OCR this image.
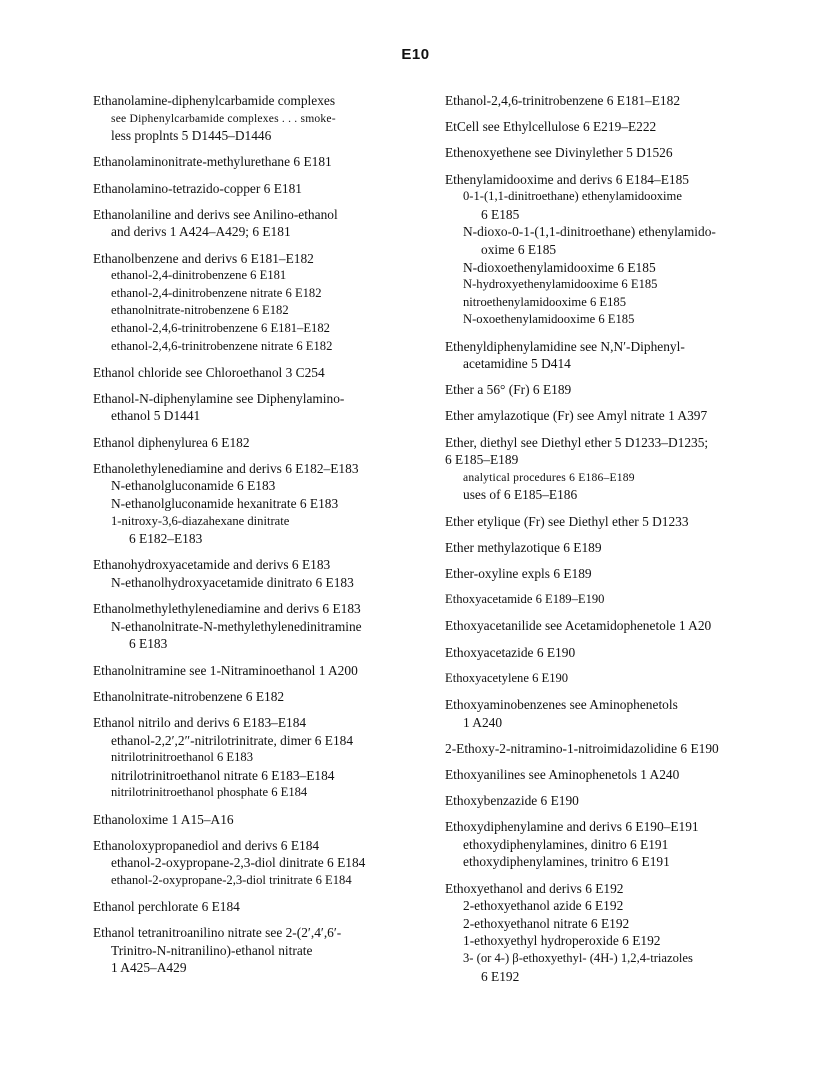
E10
Ethanolamine-diphenylcarbamide complexes
see Diphenylcarbamide complexes . . . smoke-
less proplnts 5 D1445–D1446
Ethanolaminonitrate-methylurethane 6 E181
Ethanolamino-tetrazido-copper 6 E181
Ethanolaniline and derivs see Anilino-ethanol
and derivs 1 A424–A429; 6 E181
Ethanolbenzene and derivs 6 E181–E182
ethanol-2,4-dinitrobenzene 6 E181
ethanol-2,4-dinitrobenzene nitrate 6 E182
ethanolnitrate-nitrobenzene 6 E182
ethanol-2,4,6-trinitrobenzene 6 E181–E182
ethanol-2,4,6-trinitrobenzene nitrate 6 E182
Ethanol chloride see Chloroethanol 3 C254
Ethanol-N-diphenylamine see Diphenylamino-
ethanol 5 D1441
Ethanol diphenylurea 6 E182
Ethanolethylenediamine and derivs 6 E182–E183
N-ethanolgluconamide 6 E183
N-ethanolgluconamide hexanitrate 6 E183
1-nitroxy-3,6-diazahexane dinitrate
6 E182–E183
Ethanohydroxyacetamide and derivs 6 E183
N-ethanolhydroxyacetamide dinitrato 6 E183
Ethanolmethylethylenediamine and derivs 6 E183
N-ethanolnitrate-N-methylethylenedinitramine
6 E183
Ethanolnitramine see 1-Nitraminoethanol 1 A200
Ethanolnitrate-nitrobenzene 6 E182
Ethanol nitrilo and derivs 6 E183–E184
ethanol-2,2′,2″-nitrilotrinitrate, dimer 6 E184
nitrilotrinitroethanol 6 E183
nitrilotrinitroethanol nitrate 6 E183–E184
nitrilotrinitroethanol phosphate 6 E184
Ethanoloxime 1 A15–A16
Ethanoloxypropanediol and derivs 6 E184
ethanol-2-oxypropane-2,3-diol dinitrate 6 E184
ethanol-2-oxypropane-2,3-diol trinitrate 6 E184
Ethanol perchlorate 6 E184
Ethanol tetranitroanilino nitrate see 2-(2′,4′,6′-
Trinitro-N-nitranilino)-ethanol nitrate
1 A425–A429
Ethanol-2,4,6-trinitrobenzene 6 E181–E182
EtCell see Ethylcellulose 6 E219–E222
Ethenoxyethene see Divinylether 5 D1526
Ethenylamidooxime and derivs 6 E184–E185
0-1-(1,1-dinitroethane) ethenylamidooxime
6 E185
N-dioxo-0-1-(1,1-dinitroethane) ethenylamido-
oxime 6 E185
N-dioxoethenylamidooxime 6 E185
N-hydroxyethenylamidooxime 6 E185
nitroethenylamidooxime 6 E185
N-oxoethenylamidooxime 6 E185
Ethenyldiphenylamidine see N,N′-Diphenyl-
acetamidine 5 D414
Ether a 56° (Fr) 6 E189
Ether amylazotique (Fr) see Amyl nitrate 1 A397
Ether, diethyl see Diethyl ether 5 D1233–D1235;
6 E185–E189
analytical procedures 6 E186–E189
uses of 6 E185–E186
Ether etylique (Fr) see Diethyl ether 5 D1233
Ether methylazotique 6 E189
Ether-oxyline expls 6 E189
Ethoxyacetamide 6 E189–E190
Ethoxyacetanilide see Acetamidophenetole 1 A20
Ethoxyacetazide 6 E190
Ethoxyacetylene 6 E190
Ethoxyaminobenzenes see Aminophenetols
1 A240
2-Ethoxy-2-nitramino-1-nitroimidazolidine 6 E190
Ethoxyanilines see Aminophenetols 1 A240
Ethoxybenzazide 6 E190
Ethoxydiphenylamine and derivs 6 E190–E191
ethoxydiphenylamines, dinitro 6 E191
ethoxydiphenylamines, trinitro 6 E191
Ethoxyethanol and derivs 6 E192
2-ethoxyethanol azide 6 E192
2-ethoxyethanol nitrate 6 E192
1-ethoxyethyl hydroperoxide 6 E192
3- (or 4-) β-ethoxyethyl- (4H-) 1,2,4-triazoles
6 E192
